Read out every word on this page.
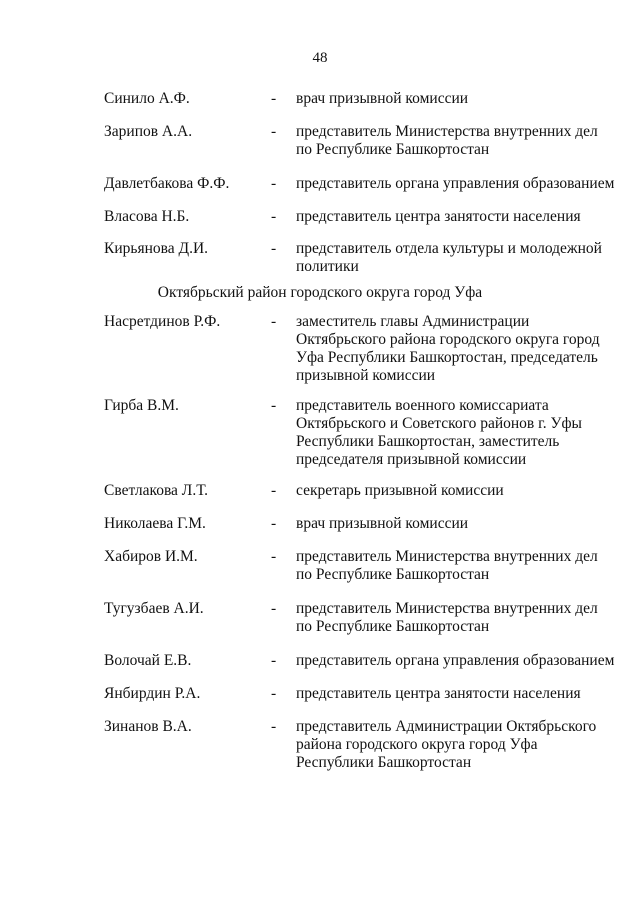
48
Синило А.Ф.	- врач призывной комиссии
Зарипов А.А.	- представитель Министерства внутренних дел
по Республике Башкортостан
Давлетбакова Ф.Ф.	- представитель органа управления образованием
Власова Н.Б.	- представитель центра занятости населения
Кирьянова Д.И.	- представитель отдела культуры и молодежной
политики
Октябрьский район городского округа город Уфа
Насретдинов Р.Ф.	- заместитель главы Администрации
Октябрьского района городского округа город
Уфа Республики Башкортостан, председатель
призывной комиссии
Гирба В.М.	- представитель военного комиссариата
Октябрьского и Советского районов г. Уфы
Республики Башкортостан, заместитель
председателя призывной комиссии
Светлакова Л.Т.	- секретарь призывной комиссии
Николаева Г.М.	- врач призывной комиссии
Хабиров И.М.	- представитель Министерства внутренних дел
по Республике Башкортостан
Тугузбаев А.И.	- представитель Министерства внутренних дел
по Республике Башкортостан
Волочай Е.В.	- представитель органа управления образованием
Янбирдин Р.А.	- представитель центра занятости населения
Зинанов В.А.	- представитель Администрации Октябрьского
района городского округа город Уфа
Республики Башкортостан
